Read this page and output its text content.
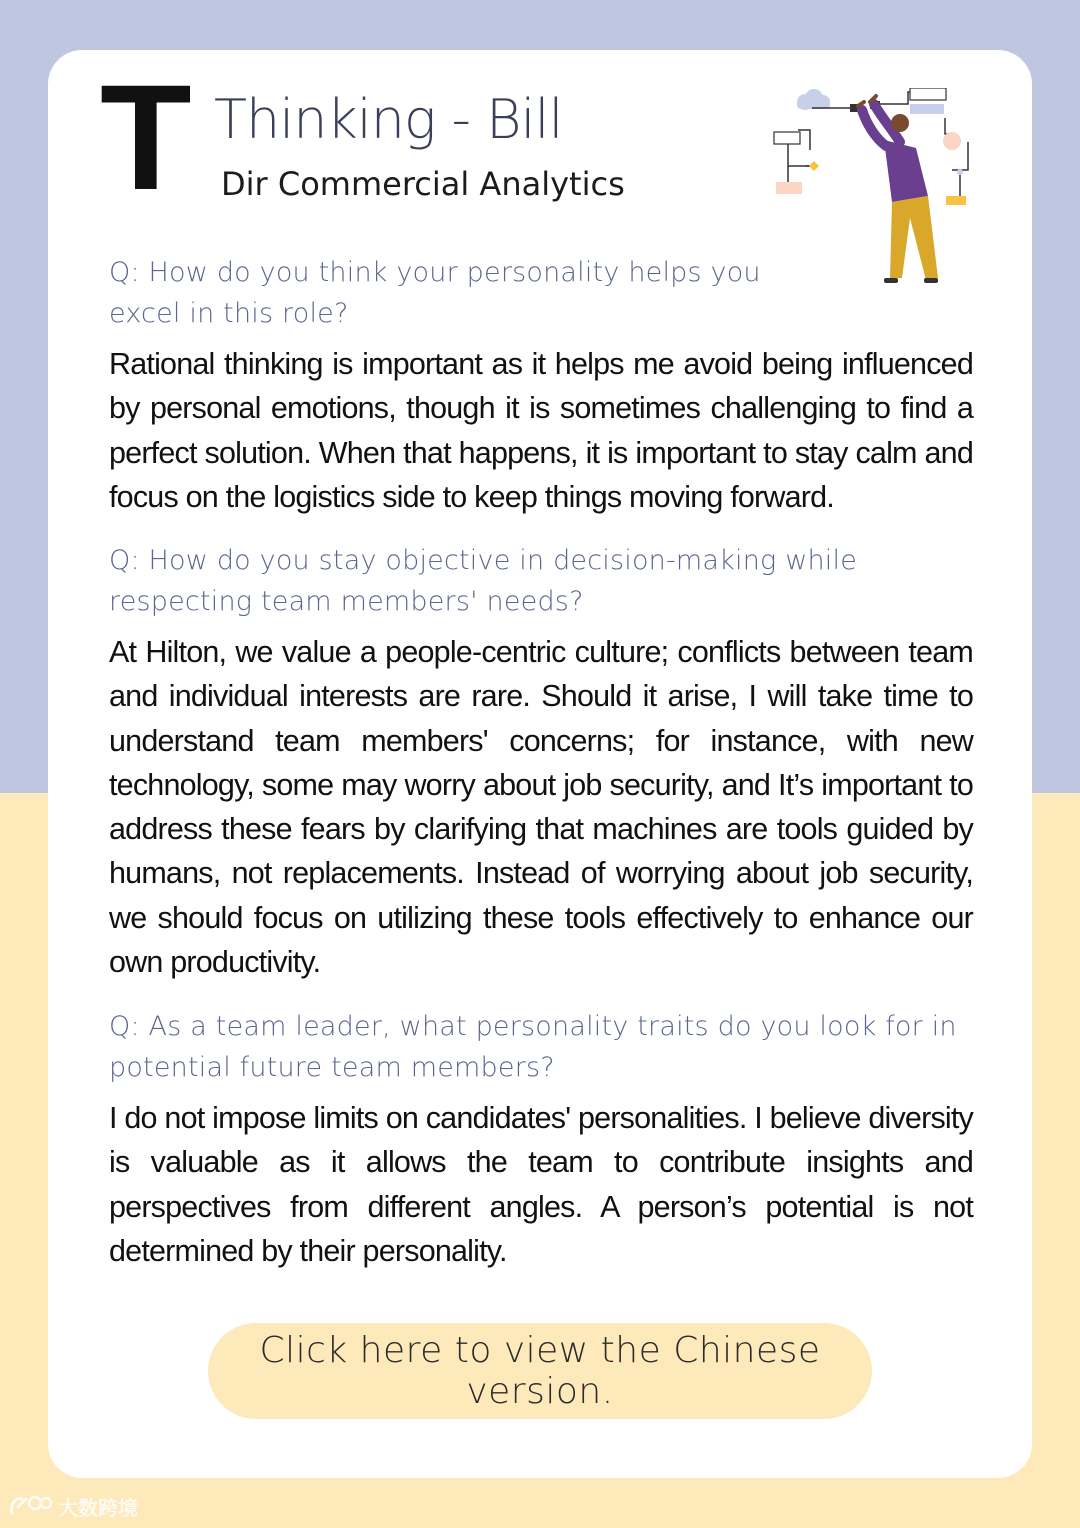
T Thinking - Bill
Dir Commercial Analytics

Q: How do you think your personality helps you excel in this role?

Rational thinking is important as it helps me avoid being influenced by personal emotions, though it is sometimes challenging to find a perfect solution. When that happens, it is important to stay calm and focus on the logistics side to keep things moving forward.

Q: How do you stay objective in decision-making while respecting team members' needs?

At Hilton, we value a people-centric culture; conflicts between team and individual interests are rare. Should it arise, I will take time to understand team members' concerns; for instance, with new technology, some may worry about job security, and It’s important to address these fears by clarifying that machines are tools guided by humans, not replacements. Instead of worrying about job security, we should focus on utilizing these tools effectively to enhance our own productivity.

Q: As a team leader, what personality traits do you look for in potential future team members?

I do not impose limits on candidates' personalities. I believe diversity is valuable as it allows the team to contribute insights and perspectives from different angles. A person’s potential is not determined by their personality.

Click here to view the Chinese version.
大数跨境
